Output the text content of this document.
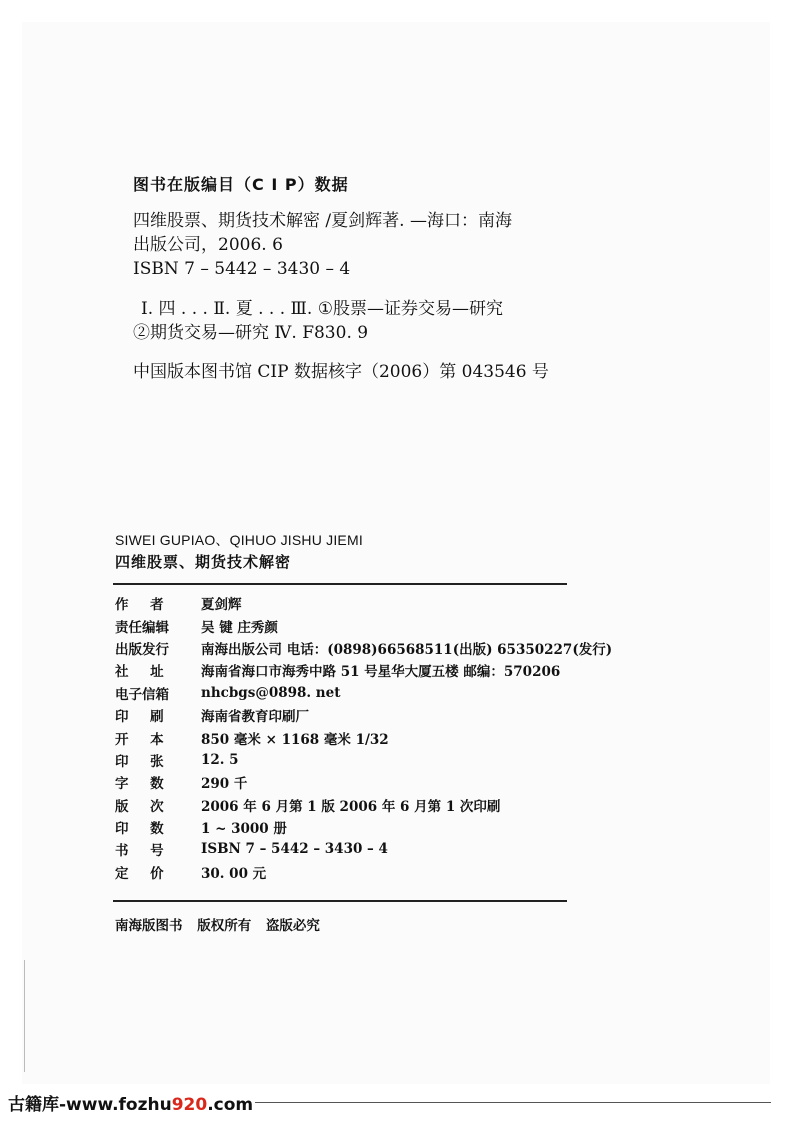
图书在版编目（C I P）数据
四维股票、期货技术解密 /夏剑辉著. —海口：南海
出版公司，2006. 6
ISBN 7 – 5442 – 3430 – 4
Ⅰ. 四 . . . Ⅱ. 夏 . . . Ⅲ. ①股票—证券交易—研究
②期货交易—研究 Ⅳ. F830. 9
中国版本图书馆 CIP 数据核字（2006）第 043546 号
SIWEI GUPIAO、QIHUO JISHU JIEMI
四维股票、期货技术解密
作者	夏剑辉
责任编辑	吴 键 庄秀颜
出版发行	南海出版公司 电话：(0898)66568511(出版) 65350227(发行)
社址	海南省海口市海秀中路 51 号星华大厦五楼 邮编：570206
电子信箱	nhcbgs@0898. net
印刷	海南省教育印刷厂
开本	850 毫米 × 1168 毫米 1/32
印张	12. 5
字数	290 千
版次	2006 年 6 月第 1 版 2006 年 6 月第 1 次印刷
印数	1 ~ 3000 册
书号	ISBN 7 – 5442 – 3430 – 4
定价	30. 00 元
南海版图书 版权所有 盗版必究
古籍库-www.fozhu920.com
